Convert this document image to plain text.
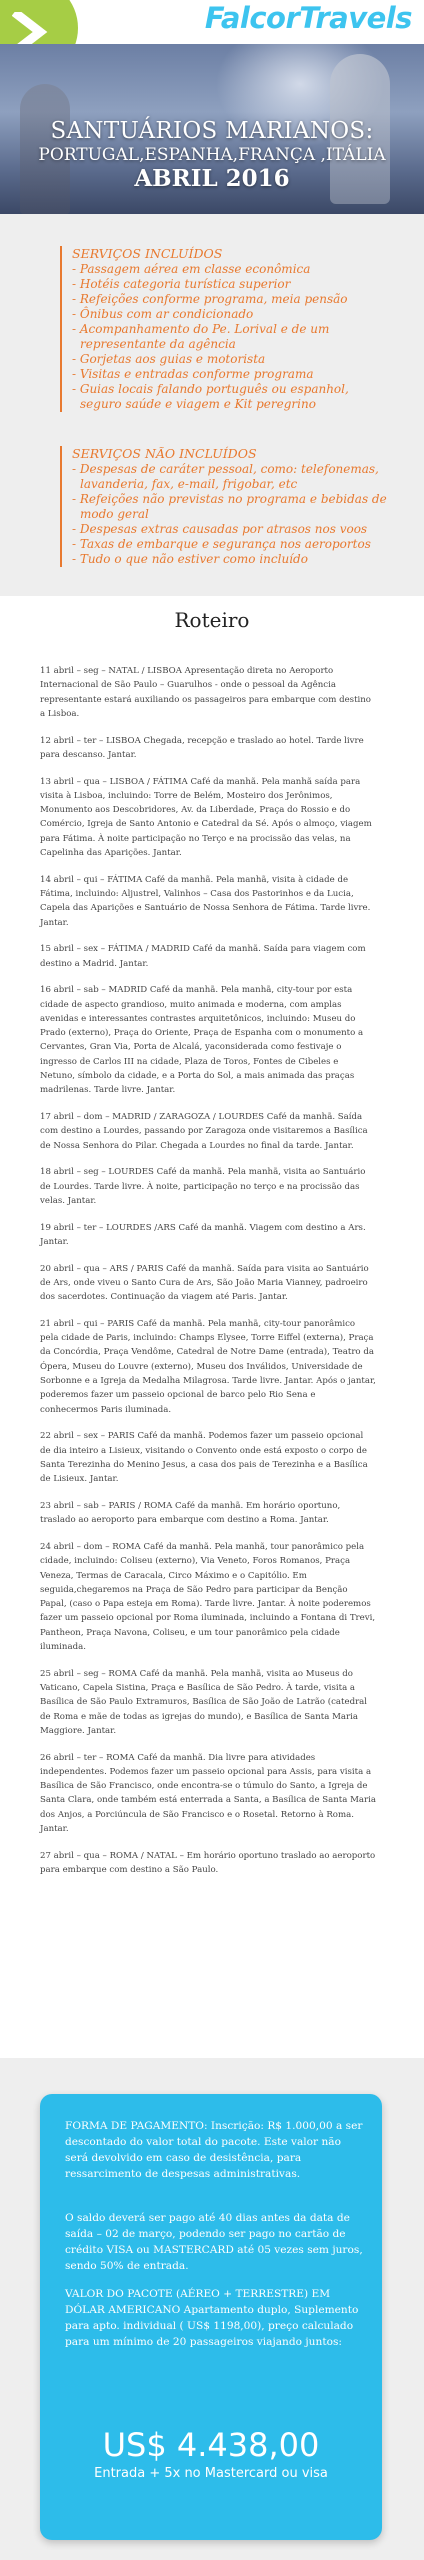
FalcorTravels
SANTUÁRIOS MARIANOS:
PORTUGAL,ESPANHA,FRANÇA ,ITÁLIA
ABRIL 2016
SERVIÇOS INCLUÍDOS
- Passagem aérea em classe econômica
- Hotéis categoria turística superior
- Refeições conforme programa, meia pensão
- Ônibus com ar condicionado
- Acompanhamento do Pe. Lorival e de um representante da agência
- Gorjetas aos guias e motorista
- Visitas e entradas conforme programa
- Guias locais falando português ou espanhol, seguro saúde e viagem e Kit peregrino
SERVIÇOS NÃO INCLUÍDOS
- Despesas de caráter pessoal, como: telefonemas, lavanderia, fax, e-mail, frigobar, etc
- Refeições não previstas no programa e bebidas de modo geral
- Despesas extras causadas por atrasos nos voos
- Taxas de embarque e segurança nos aeroportos
- Tudo o que não estiver como incluído
Roteiro

11 abril – seg – NATAL / LISBOA Apresentação direta no Aeroporto Internacional de São Paulo – Guarulhos - onde o pessoal da Agência representante estará auxiliando os passageiros para embarque com destino a Lisboa.

12 abril – ter – LISBOA Chegada, recepção e traslado ao hotel. Tarde livre para descanso. Jantar.

13 abril – qua – LISBOA / FÁTIMA Café da manhã. Pela manhã saída para visita à Lisboa, incluindo: Torre de Belém, Mosteiro dos Jerônimos, Monumento aos Descobridores, Av. da Liberdade, Praça do Rossio e do Comércio, Igreja de Santo Antonio e Catedral da Sé. Após o almoço, viagem para Fátima. À noite participação no Terço e na procissão das velas, na Capelinha das Aparições. Jantar.

14 abril – qui – FÁTIMA Café da manhã. Pela manhã, visita à cidade de Fátima, incluindo: Aljustrel, Valinhos – Casa dos Pastorinhos e da Lucia, Capela das Aparições e Santuário de Nossa Senhora de Fátima. Tarde livre. Jantar.

15 abril – sex – FÁTIMA / MADRID Café da manhã. Saída para viagem com destino a Madrid. Jantar.

16 abril – sab – MADRID Café da manhã. Pela manhã, city-tour por esta cidade de aspecto grandioso, muito animada e moderna, com amplas avenidas e interessantes contrastes arquitetônicos, incluindo: Museu do Prado (externo), Praça do Oriente, Praça de Espanha com o monumento a Cervantes, Gran Via, Porta de Alcalá, yaconsiderada como festivaje o ingresso de Carlos III na cidade, Plaza de Toros, Fontes de Cibeles e Netuno, símbolo da cidade, e a Porta do Sol, a mais animada das praças madrilenas. Tarde livre. Jantar.

17 abril – dom – MADRID / ZARAGOZA / LOURDES Café da manhã. Saída com destino a Lourdes, passando por Zaragoza onde visitaremos a Basílica de Nossa Senhora do Pilar. Chegada a Lourdes no final da tarde. Jantar.

18 abril – seg – LOURDES Café da manhã. Pela manhã, visita ao Santuário de Lourdes. Tarde livre. À noite, participação no terço e na procissão das velas. Jantar.

19 abril – ter – LOURDES /ARS Café da manhã. Viagem com destino a Ars. Jantar.

20 abril – qua – ARS / PARIS Café da manhã. Saída para visita ao Santuário de Ars, onde viveu o Santo Cura de Ars, São João Maria Vianney, padroeiro dos sacerdotes. Continuação da viagem até Paris. Jantar.

21 abril – qui – PARIS Café da manhã. Pela manhã, city-tour panorâmico pela cidade de Paris, incluindo: Champs Elysee, Torre Eiffel (externa), Praça da Concórdia, Praça Vendôme, Catedral de Notre Dame (entrada), Teatro da Ópera, Museu do Louvre (externo), Museu dos Inválidos, Universidade de Sorbonne e a Igreja da Medalha Milagrosa. Tarde livre. Jantar. Após o jantar, poderemos fazer um passeio opcional de barco pelo Rio Sena e conhecermos Paris iluminada.

22 abril – sex – PARIS Café da manhã. Podemos fazer um passeio opcional de dia inteiro a Lisieux, visitando o Convento onde está exposto o corpo de Santa Terezinha do Menino Jesus, a casa dos pais de Terezinha e a Basílica de Lisieux. Jantar.

23 abril – sab – PARIS / ROMA Café da manhã. Em horário oportuno, traslado ao aeroporto para embarque com destino a Roma. Jantar.

24 abril – dom – ROMA Café da manhã. Pela manhã, tour panorâmico pela cidade, incluindo: Coliseu (externo), Via Veneto, Foros Romanos, Praça Veneza, Termas de Caracala, Circo Máximo e o Capitólio. Em seguida,chegaremos na Praça de São Pedro para participar da Benção Papal, (caso o Papa esteja em Roma). Tarde livre. Jantar. À noite poderemos fazer um passeio opcional por Roma iluminada, incluindo a Fontana di Trevi, Pantheon, Praça Navona, Coliseu, e um tour panorâmico pela cidade iluminada.

25 abril – seg – ROMA Café da manhã. Pela manhã, visita ao Museus do Vaticano, Capela Sistina, Praça e Basílica de São Pedro. À tarde, visita a Basílica de São Paulo Extramuros, Basílica de São João de Latrão (catedral de Roma e mãe de todas as igrejas do mundo), e Basílica de Santa Maria Maggiore. Jantar.

26 abril – ter – ROMA Café da manhã. Dia livre para atividades independentes. Podemos fazer um passeio opcional para Assis, para visita a Basílica de São Francisco, onde encontra-se o túmulo do Santo, a Igreja de Santa Clara, onde também está enterrada a Santa, a Basílica de Santa Maria dos Anjos, a Porciúncula de São Francisco e o Rosetal. Retorno à Roma. Jantar.

27 abril – qua – ROMA / NATAL – Em horário oportuno traslado ao aeroporto para embarque com destino a São Paulo.

FORMA DE PAGAMENTO: Inscrição: R$ 1.000,00 a ser descontado do valor total do pacote. Este valor não será devolvido em caso de desistência, para ressarcimento de despesas administrativas.
O saldo deverá ser pago até 40 dias antes da data de saída – 02 de março, podendo ser pago no cartão de crédito VISA ou MASTERCARD até 05 vezes sem juros, sendo 50% de entrada.
VALOR DO PACOTE (AÉREO + TERRESTRE) EM DÓLAR AMERICANO Apartamento duplo, Suplemento para apto. individual ( US$ 1198,00), preço calculado para um mínimo de 20 passageiros viajando juntos:
US$ 4.438,00
Entrada + 5x no Mastercard ou visa
